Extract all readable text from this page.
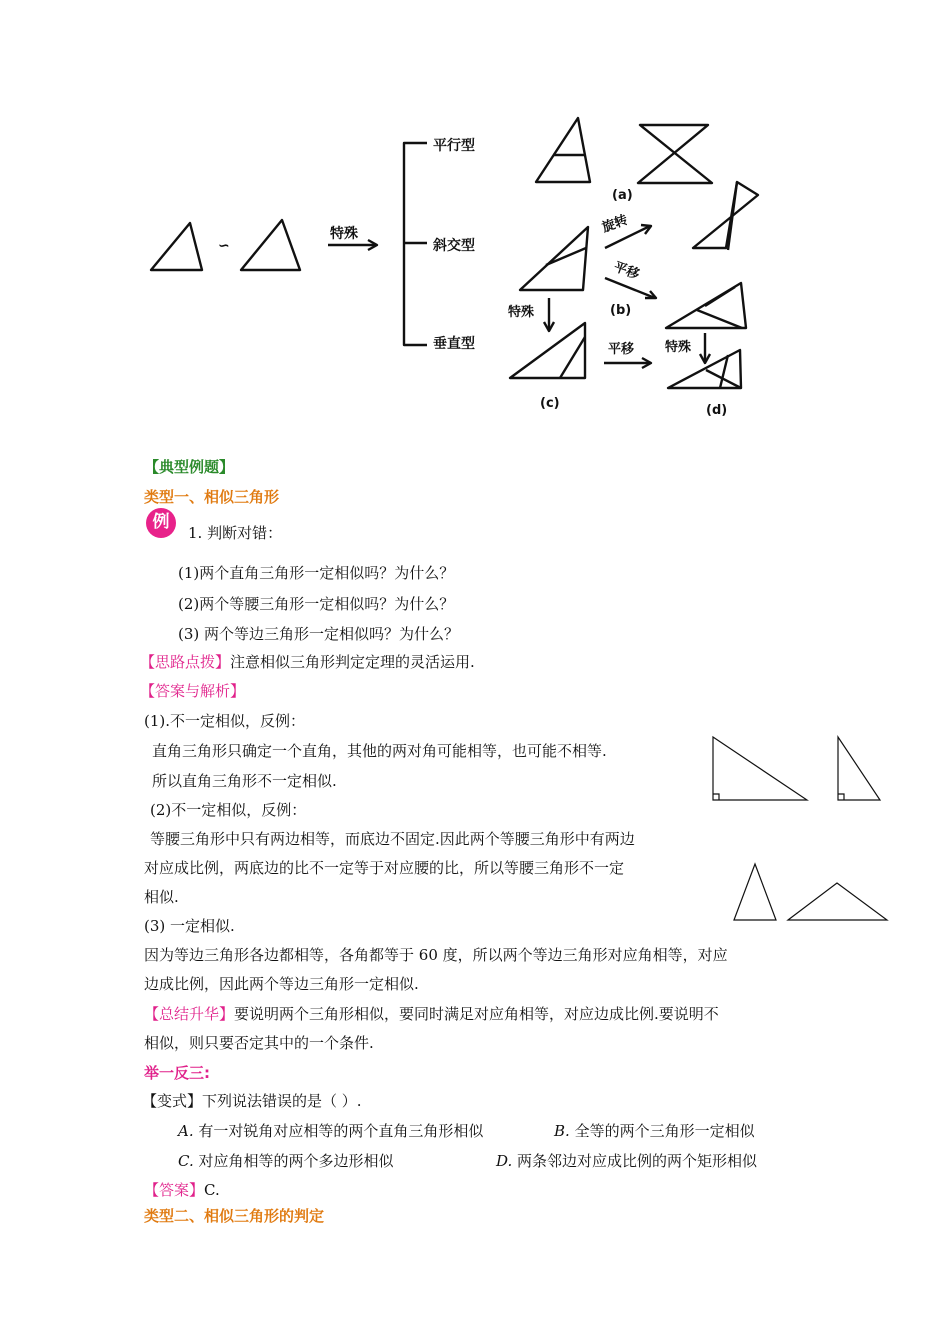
∽
特殊
平行型
斜交型
垂直型
(a)
旋转
平移
(b)
特殊
(c)
平移 特殊
(d)
【典型例题】
类型一、相似三角形
例
1. 判断对错：
(1)两个直角三角形一定相似吗？为什么？
(2)两个等腰三角形一定相似吗？为什么？
(3) 两个等边三角形一定相似吗？为什么？
【思路点拨】注意相似三角形判定定理的灵活运用.
【答案与解析】
(1).不一定相似，反例：
直角三角形只确定一个直角，其他的两对角可能相等，也可能不相等.
所以直角三角形不一定相似.
(2)不一定相似，反例：
等腰三角形中只有两边相等，而底边不固定.因此两个等腰三角形中有两边
对应成比例，两底边的比不一定等于对应腰的比，所以等腰三角形不一定
相似.
(3) 一定相似.
因为等边三角形各边都相等，各角都等于 60 度，所以两个等边三角形对应角相等，对应
边成比例，因此两个等边三角形一定相似.
【总结升华】要说明两个三角形相似，要同时满足对应角相等，对应边成比例.要说明不
相似，则只要否定其中的一个条件.
举一反三:
【变式】下列说法错误的是（ ）.
A. 有一对锐角对应相等的两个直角三角形相似	B. 全等的两个三角形一定相似
C. 对应角相等的两个多边形相似	D. 两条邻边对应成比例的两个矩形相似
【答案】C.
类型二、相似三角形的判定
